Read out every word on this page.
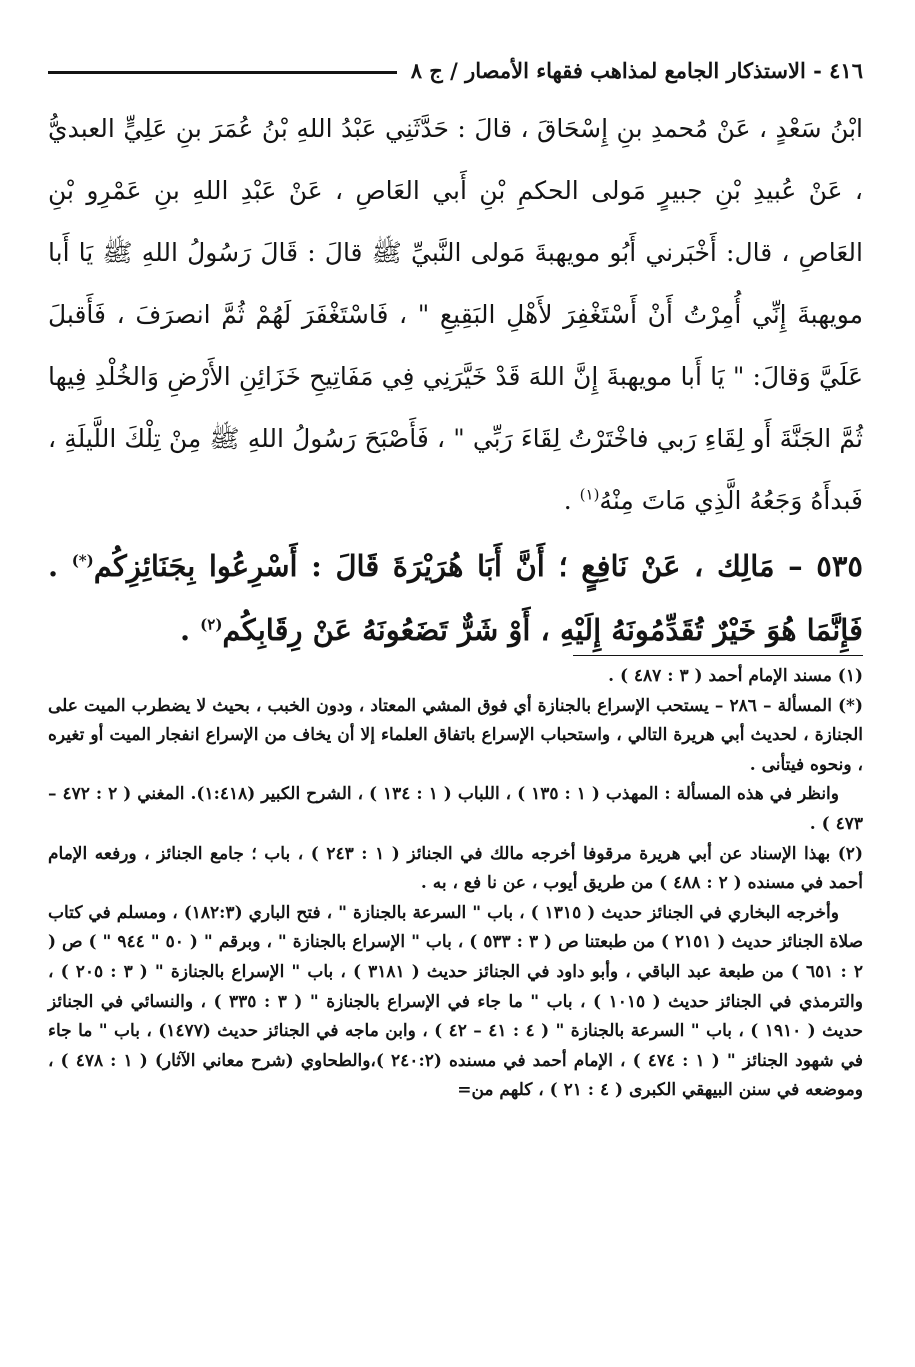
٤١٦ - الاستذكار الجامع لمذاهب فقهاء الأمصار / ج ٨

ابْنُ سَعْدٍ ، عَنْ مُحمدِ بنِ إِسْحَاقَ ، قالَ : حَدَّثَنِي عَبْدُ اللهِ بْنُ عُمَرَ بنِ عَلِيٍّ العبديُّ ، عَنْ عُبيدِ بْنِ جبيرٍ مَولى الحكمِ بْنِ أَبي العَاصِ ، عَنْ عَبْدِ اللهِ بنِ عَمْرِو بْنِ العَاصِ ، قال: أَخْبَرني أَبُو مويهبةَ مَولى النَّبيِّ ﷺ قالَ : قَالَ رَسُولُ اللهِ ﷺ يَا أَبا مويهبةَ إِنِّي أُمِرْتُ أَنْ أَسْتَغْفِرَ لأَهْلِ البَقِيعِ " ، فَاسْتَغْفَرَ لَهُمْ ثُمَّ انصرَفَ ، فَأَقبلَ عَلَيَّ وَقالَ: " يَا أَبا مويهبةَ إِنَّ اللهَ قَدْ خَيَّرَنِي فِي مَفَاتِيحِ خَزَائِنِ الأَرْضِ وَالخُلْدِ فِيها ثُمَّ الجَنَّةَ أَو لِقَاءِ رَبي فاخْتَرْتُ لِقَاءَ رَبِّي " ، فَأَصْبَحَ رَسُولُ اللهِ ﷺ مِنْ تِلْكَ اللَّيلَةِ ، فَبدأَهُ وَجَعُهُ الَّذِي مَاتَ مِنْهُ$^{(١)}$ .

٥٣٥ – مَالِك ، عَنْ نَافِعٍ ؛ أَنَّ أَبَا هُرَيْرَةَ قَالَ : أَسْرِعُوا بِجَنَائِزِكُم(*) . فَإِنَّمَا هُوَ خَيْرٌ تُقَدِّمُونَهُ إِلَيْهِ ، أَوْ شَرٌّ تَضَعُونَهُ عَنْ رِقَابِكُم$^{(٢)}$ .

(١) مسند الإمام أحمد ( ٣ : ٤٨٧ ) .

(*) المسألة – ٢٨٦ – يستحب الإسراع بالجنازة أي فوق المشي المعتاد ، ودون الخبب ، بحيث لا يضطرب الميت على الجنازة ، لحديث أبي هريرة التالي ، واستحباب الإسراع باتفاق العلماء إلا أن يخاف من الإسراع انفجار الميت أو تغيره ، ونحوه فيتأنى .

وانظر في هذه المسألة : المهذب ( ١ : ١٣٥ ) ، اللباب ( ١ : ١٣٤ ) ، الشرح الكبير (١:٤١٨). المغني ( ٢ : ٤٧٢ – ٤٧٣ ) .

(٢) بهذا الإسناد عن أبي هريرة مرقوفا أخرجه مالك في الجنائز ( ١ : ٢٤٣ ) ، باب ؛ جامع الجنائز ، ورفعه الإمام أحمد في مسنده ( ٢ : ٤٨٨ ) من طريق أيوب ، عن نا فع ، به .

وأخرجه البخاري في الجنائز حديث ( ١٣١٥ ) ، باب " السرعة بالجنازة " ، فتح الباري (١٨٢:٣) ، ومسلم في كتاب صلاة الجنائز حديث ( ٢١٥١ ) من طبعتنا ص ( ٣ : ٥٣٣ ) ، باب " الإسراع بالجنازة " ، وبرقم " ( ٥٠ " ٩٤٤ " ) ص ( ٢ : ٦٥١ ) من طبعة عبد الباقي ، وأبو داود في الجنائز حديث ( ٣١٨١ ) ، باب " الإسراع بالجنازة " ( ٣ : ٢٠٥ ) ، والترمذي في الجنائز حديث ( ١٠١٥ ) ، باب " ما جاء في الإسراع بالجنازة " ( ٣ : ٣٣٥ ) ، والنسائي في الجنائز حديث ( ١٩١٠ ) ، باب " السرعة بالجنازة " ( ٤ : ٤١ – ٤٢ ) ، وابن ماجه في الجنائز حديث (١٤٧٧) ، باب " ما جاء في شهود الجنائز " ( ١ : ٤٧٤ ) ، الإمام أحمد في مسنده (٢٤٠:٢ )،والطحاوي (شرح معاني الآثار) ( ١ : ٤٧٨ ) ، وموضعه في سنن البيهقي الكبرى ( ٤ : ٢١ ) ، كلهم من=
